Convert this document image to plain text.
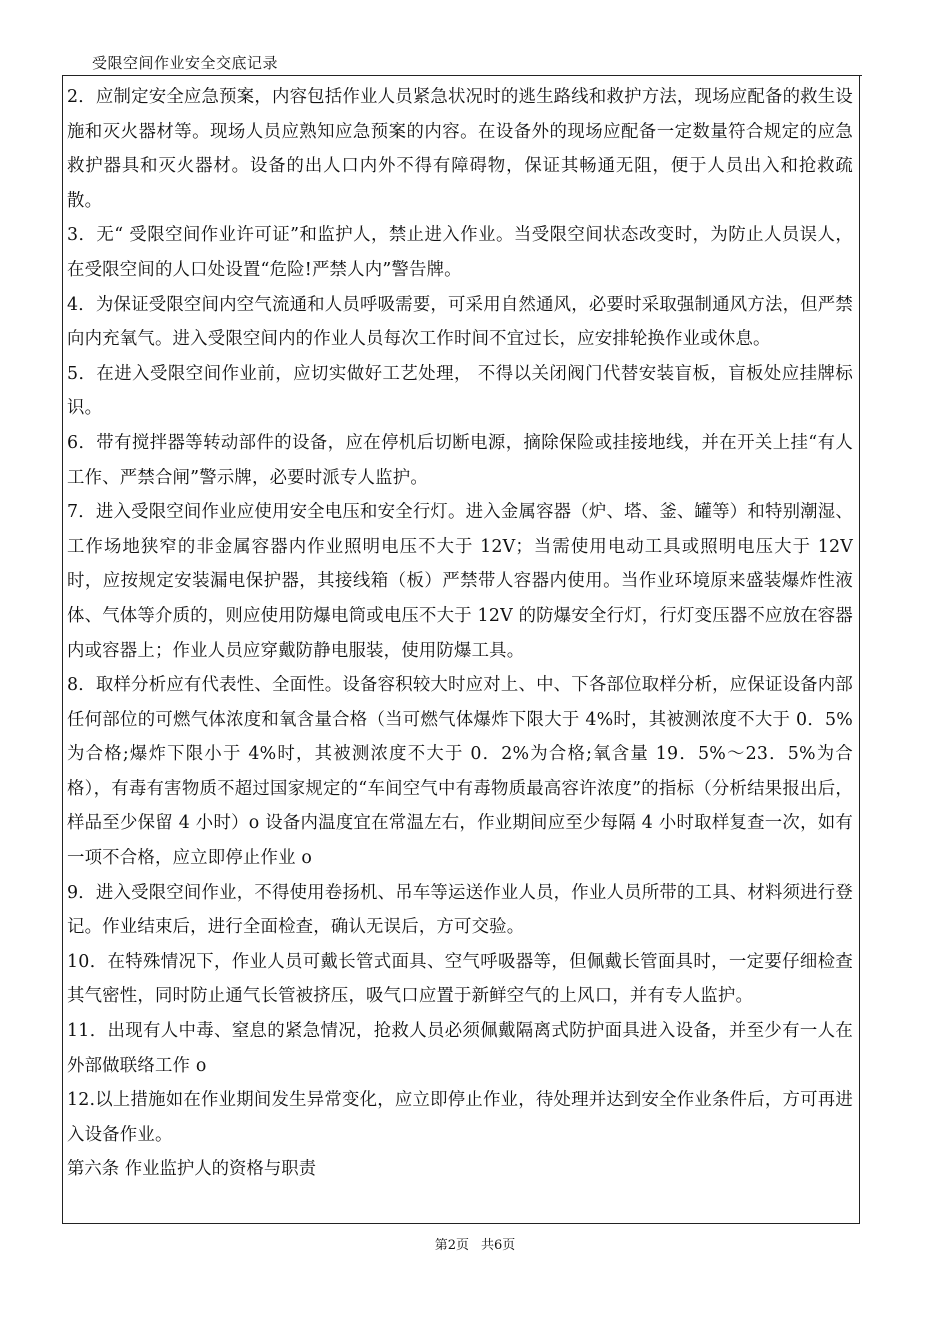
受限空间作业安全交底记录

2．应制定安全应急预案，内容包括作业人员紧急状况时的逃生路线和救护方法，现场应配备的救生设施和灭火器材等。现场人员应熟知应急预案的内容。在设备外的现场应配备一定数量符合规定的应急救护器具和灭火器材。设备的出人口内外不得有障碍物，保证其畅通无阻，便于人员出入和抢救疏散。

3．无“ 受限空间作业许可证”和监护人，禁止进入作业。当受限空间状态改变时，为防止人员误人，在受限空间的人口处设置“危险!严禁人内”警告牌。

4．为保证受限空间内空气流通和人员呼吸需要，可采用自然通风，必要时采取强制通风方法，但严禁向内充氧气。进入受限空间内的作业人员每次工作时间不宜过长，应安排轮换作业或休息。

5．在进入受限空间作业前，应切实做好工艺处理， 不得以关闭阀门代替安装盲板，盲板处应挂牌标识。

6．带有搅拌器等转动部件的设备，应在停机后切断电源，摘除保险或挂接地线，并在开关上挂“有人工作、严禁合闸”警示牌，必要时派专人监护。

7．进入受限空间作业应使用安全电压和安全行灯。进入金属容器（炉、塔、釜、罐等）和特别潮湿、工作场地狭窄的非金属容器内作业照明电压不大于 12V；当需使用电动工具或照明电压大于 12V 时，应按规定安装漏电保护器，其接线箱（板）严禁带人容器内使用。当作业环境原来盛装爆炸性液体、气体等介质的，则应使用防爆电筒或电压不大于 12V 的防爆安全行灯，行灯变压器不应放在容器内或容器上；作业人员应穿戴防静电服装，使用防爆工具。

8．取样分析应有代表性、全面性。设备容积较大时应对上、中、下各部位取样分析，应保证设备内部任何部位的可燃气体浓度和氧含量合格（当可燃气体爆炸下限大于 4%时，其被测浓度不大于 0．5%为合格;爆炸下限小于 4%时，其被测浓度不大于 0．2%为合格;氧含量 19．5%～23．5%为合格），有毒有害物质不超过国家规定的“车间空气中有毒物质最高容许浓度”的指标（分析结果报出后，样品至少保留 4 小时）o 设备内温度宜在常温左右，作业期间应至少每隔 4 小时取样复查一次，如有一项不合格，应立即停止作业 o

9．进入受限空间作业，不得使用卷扬机、吊车等运送作业人员，作业人员所带的工具、材料须进行登记。作业结束后，进行全面检查，确认无误后，方可交验。

10．在特殊情况下，作业人员可戴长管式面具、空气呼吸器等，但佩戴长管面具时，一定要仔细检查其气密性，同时防止通气长管被挤压，吸气口应置于新鲜空气的上风口，并有专人监护。

11．出现有人中毒、窒息的紧急情况，抢救人员必须佩戴隔离式防护面具进入设备，并至少有一人在外部做联络工作 o

12.以上措施如在作业期间发生异常变化，应立即停止作业，待处理并达到安全作业条件后，方可再进入设备作业。

第六条 作业监护人的资格与职责

第2页 共6页
